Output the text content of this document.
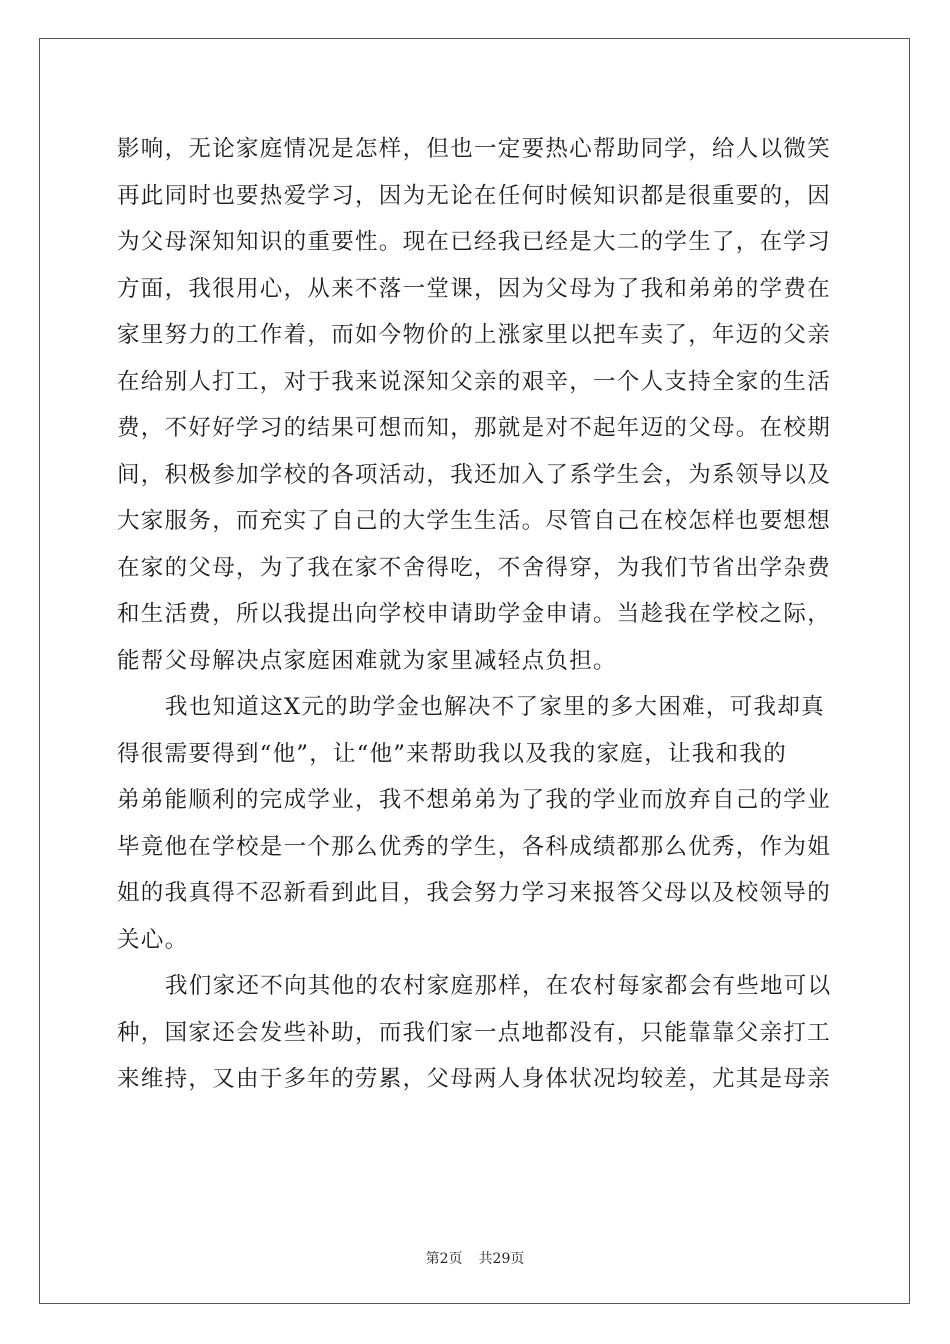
影响，无论家庭情况是怎样，但也一定要热心帮助同学，给人以微笑
再此同时也要热爱学习，因为无论在任何时候知识都是很重要的，因
为父母深知知识的重要性。现在已经我已经是大二的学生了，在学习
方面，我很用心，从来不落一堂课，因为父母为了我和弟弟的学费在
家里努力的工作着，而如今物价的上涨家里以把车卖了，年迈的父亲
在给别人打工，对于我来说深知父亲的艰辛，一个人支持全家的生活
费，不好好学习的结果可想而知，那就是对不起年迈的父母。在校期
间，积极参加学校的各项活动，我还加入了系学生会，为系领导以及
大家服务，而充实了自己的大学生生活。尽管自己在校怎样也要想想
在家的父母，为了我在家不舍得吃，不舍得穿，为我们节省出学杂费
和生活费，所以我提出向学校申请助学金申请。当趁我在学校之际，
能帮父母解决点家庭困难就为家里减轻点负担。

我也知道这X元的助学金也解决不了家里的多大困难，可我却真
得很需要得到“他”，让“他”来帮助我以及我的家庭，让我和我的
弟弟能顺利的完成学业，我不想弟弟为了我的学业而放弃自己的学业
毕竟他在学校是一个那么优秀的学生，各科成绩都那么优秀，作为姐
姐的我真得不忍新看到此目，我会努力学习来报答父母以及校领导的
关心。

我们家还不向其他的农村家庭那样，在农村每家都会有些地可以
种，国家还会发些补助，而我们家一点地都没有，只能靠靠父亲打工
来维持，又由于多年的劳累，父母两人身体状况均较差，尤其是母亲

第2页 共29页
